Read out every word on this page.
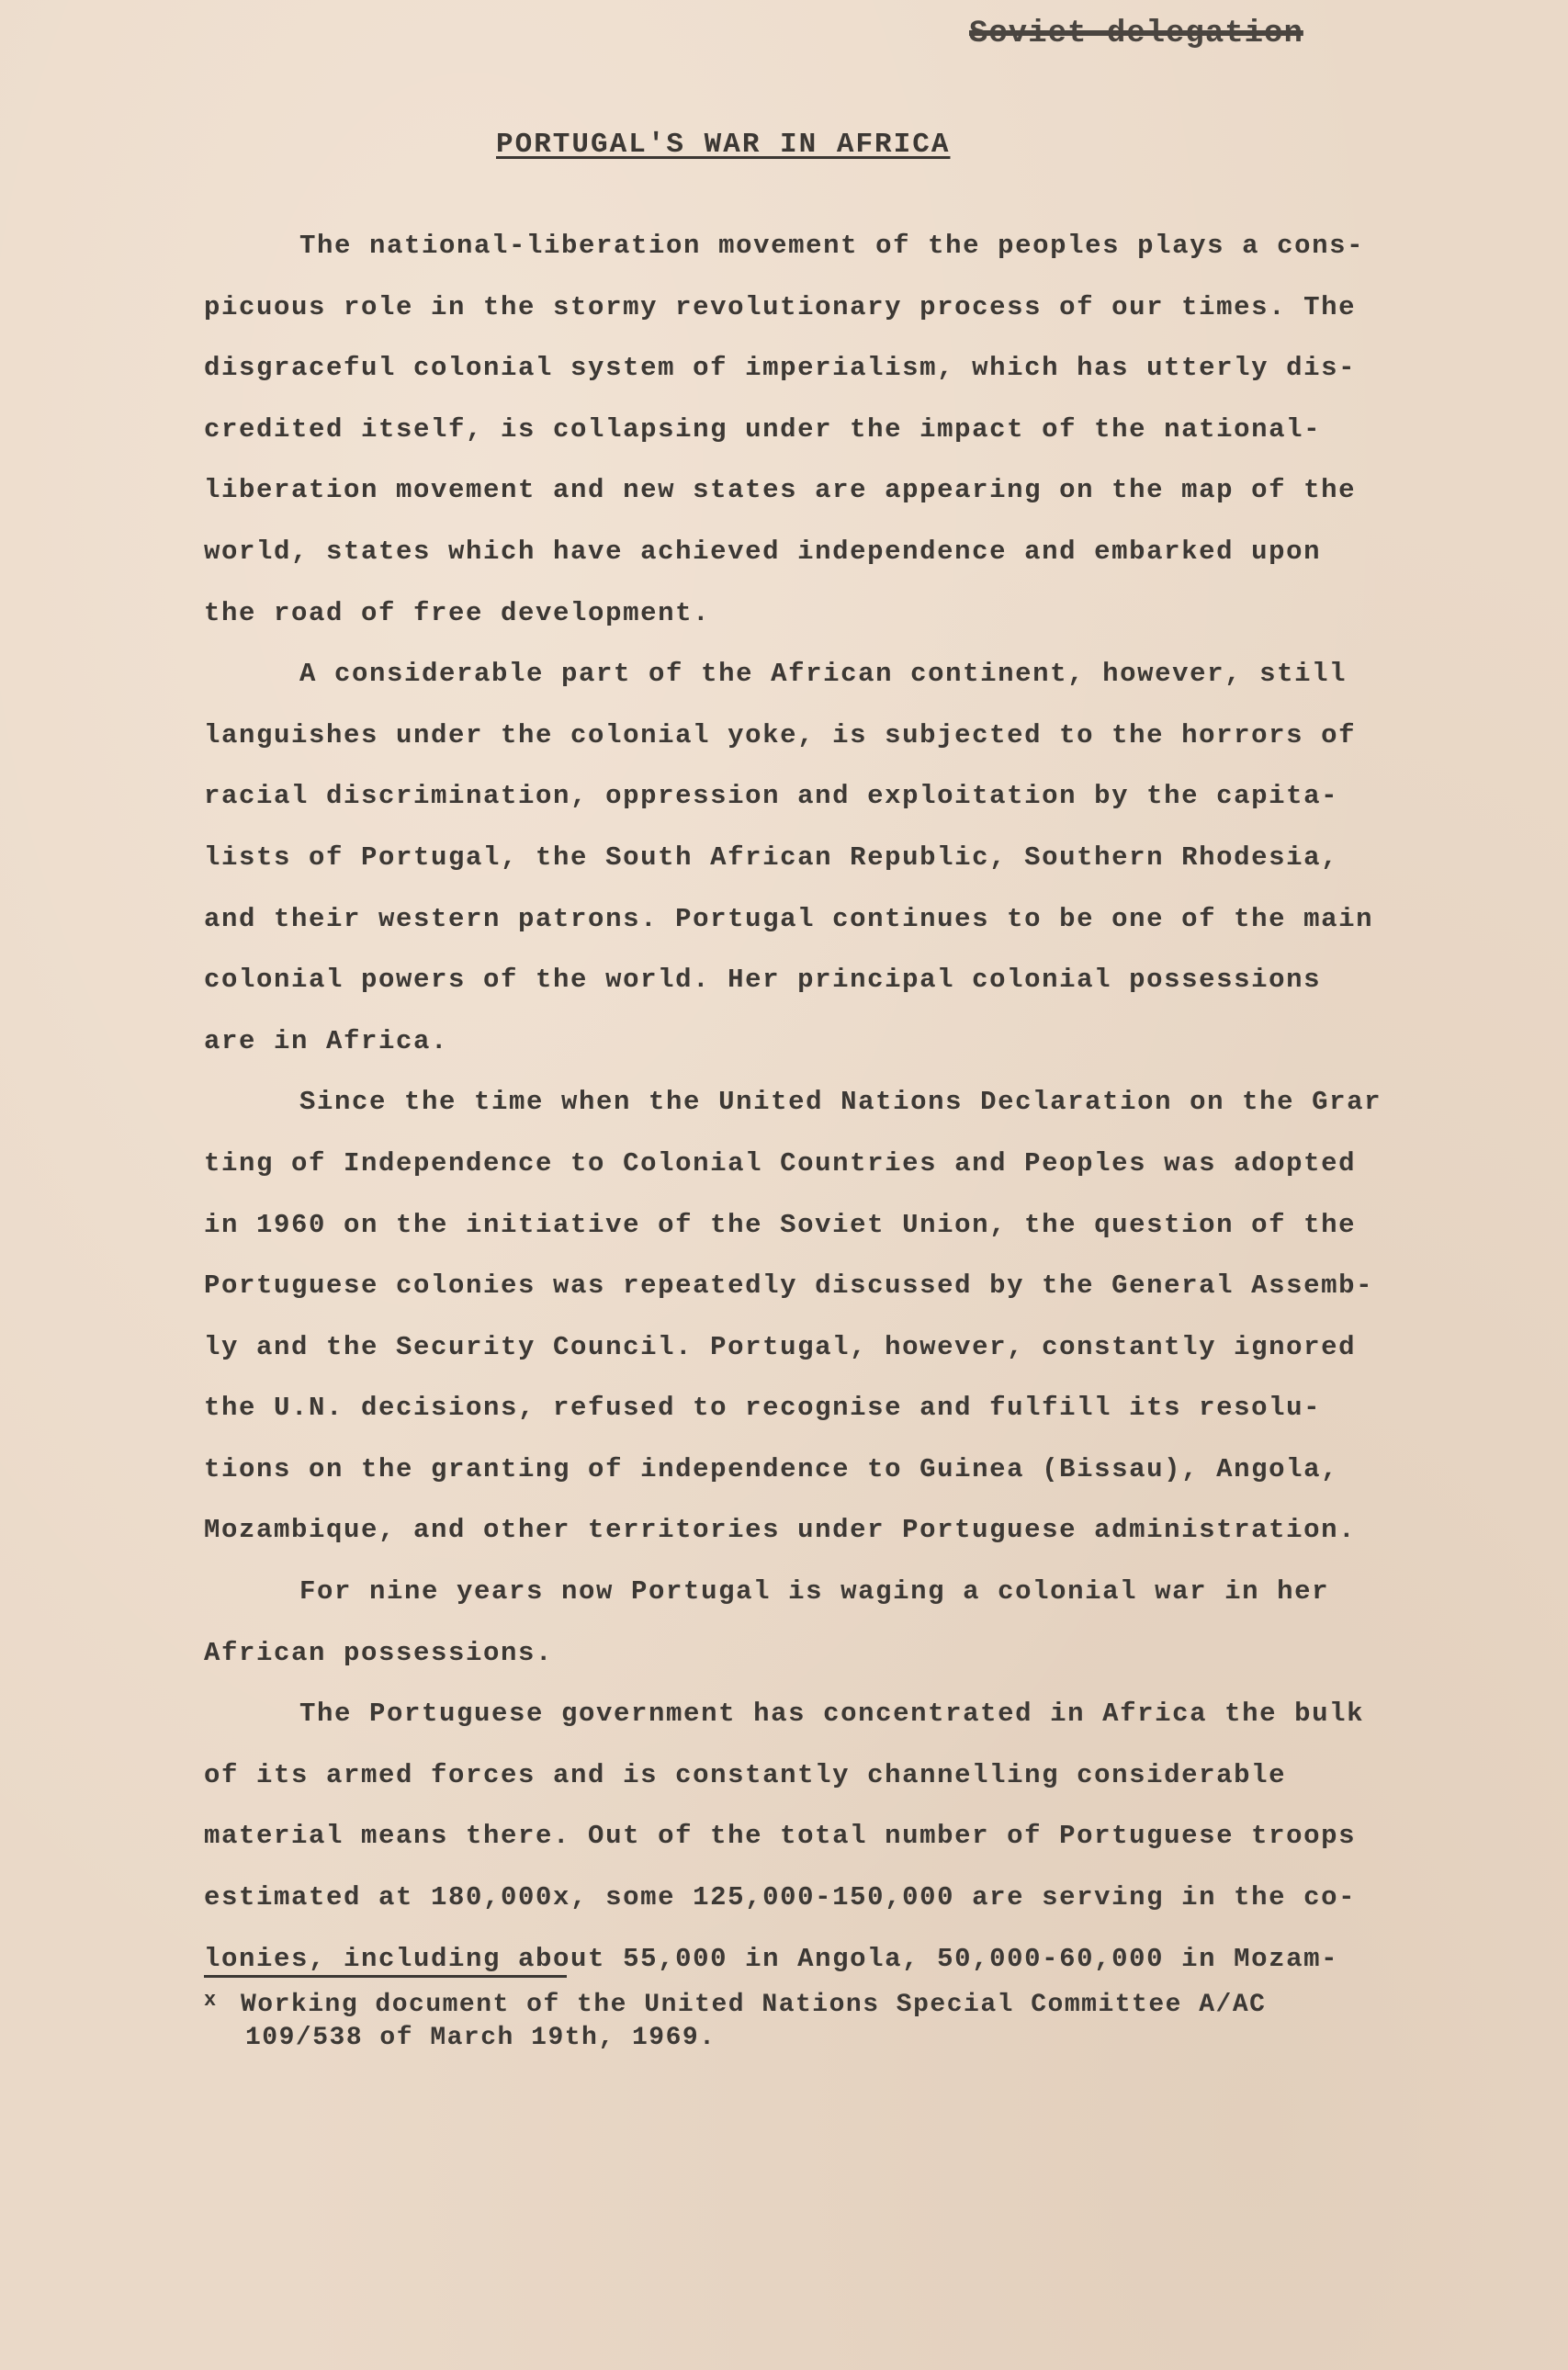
Soviet delegation
PORTUGAL'S WAR IN AFRICA
The national-liberation movement of the peoples plays a cons-
picuous role in the stormy revolutionary process of our times. The
disgraceful colonial system of imperialism, which has utterly dis-
credited itself, is collapsing under the impact of the national-
liberation movement and new states are appearing on the map of the
world, states which have achieved independence and embarked upon
the road of free development.
A considerable part of the African continent, however, still
languishes under the colonial yoke, is subjected to the horrors of
racial discrimination, oppression and exploitation by the capita-
lists of Portugal, the South African Republic, Southern Rhodesia,
and their western patrons. Portugal continues to be one of the main
colonial powers of the world. Her principal colonial possessions
are in Africa.
Since the time when the United Nations Declaration on the Grar
ting of Independence to Colonial Countries and Peoples was adopted
in 1960 on the initiative of the Soviet Union, the question of the
Portuguese colonies was repeatedly discussed by the General Assemb-
ly and the Security Council. Portugal, however, constantly ignored
the U.N. decisions, refused to recognise and fulfill its resolu-
tions on the granting of independence to Guinea (Bissau), Angola,
Mozambique, and other territories under Portuguese administration.
For nine years now Portugal is waging a colonial war in her
African possessions.
The Portuguese government has concentrated in Africa the bulk
of its armed forces and is constantly channelling considerable
material means there. Out of the total number of Portuguese troops
estimated at 180,000x, some 125,000-150,000 are serving in the co-
lonies, including about 55,000 in Angola, 50,000-60,000 in Mozam-
x Working document of the United Nations Special Committee A/AC
109/538 of March 19th, 1969.
